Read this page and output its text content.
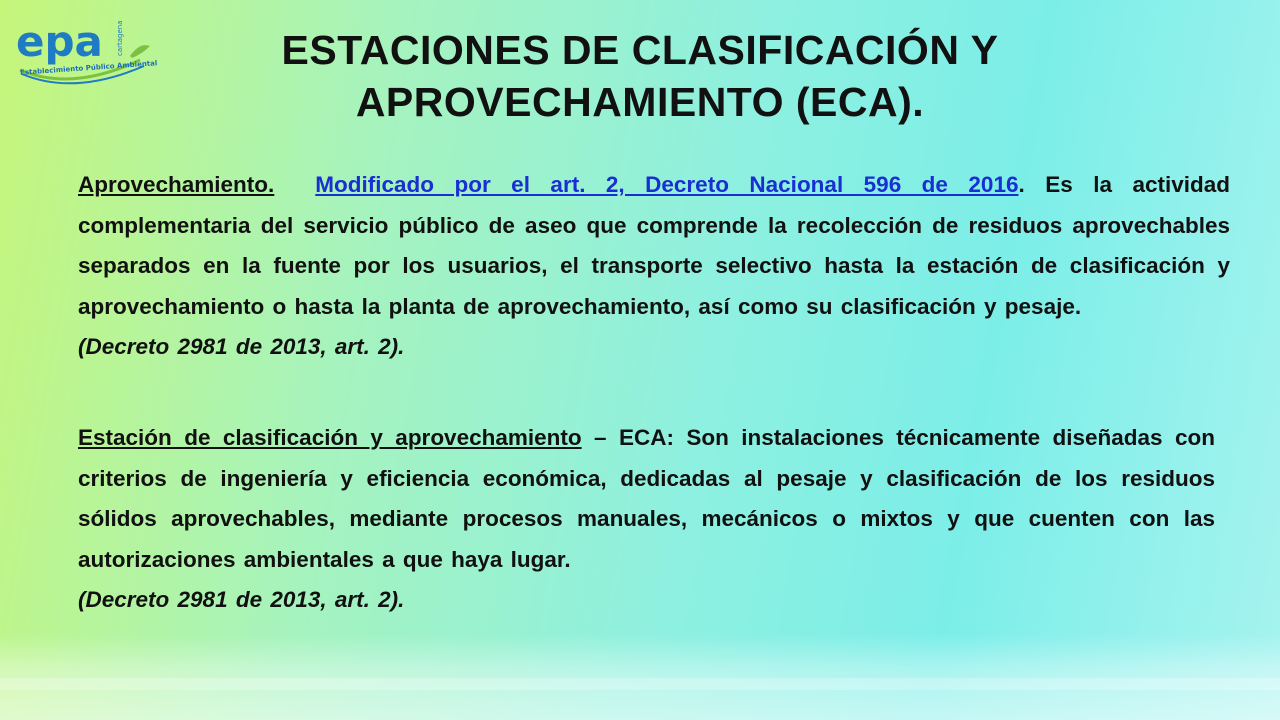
epa cartagena
Establecimiento Público Ambiental	ESTACIONES DE CLASIFICACIÓN Y
APROVECHAMIENTO (ECA).

Aprovechamiento. Modificado por el art. 2, Decreto Nacional 596 de 2016. Es la actividad complementaria del servicio público de aseo que comprende la recolección de residuos aprovechables separados en la fuente por los usuarios, el transporte selectivo hasta la estación de clasificación y aprovechamiento o hasta la planta de aprovechamiento, así como su clasificación y pesaje.
(Decreto 2981 de 2013, art. 2).

Estación de clasificación y aprovechamiento – ECA: Son instalaciones técnicamente diseñadas con criterios de ingeniería y eficiencia económica, dedicadas al pesaje y clasificación de los residuos sólidos aprovechables, mediante procesos manuales, mecánicos o mixtos y que cuenten con las autorizaciones ambientales a que haya lugar.
(Decreto 2981 de 2013, art. 2).
